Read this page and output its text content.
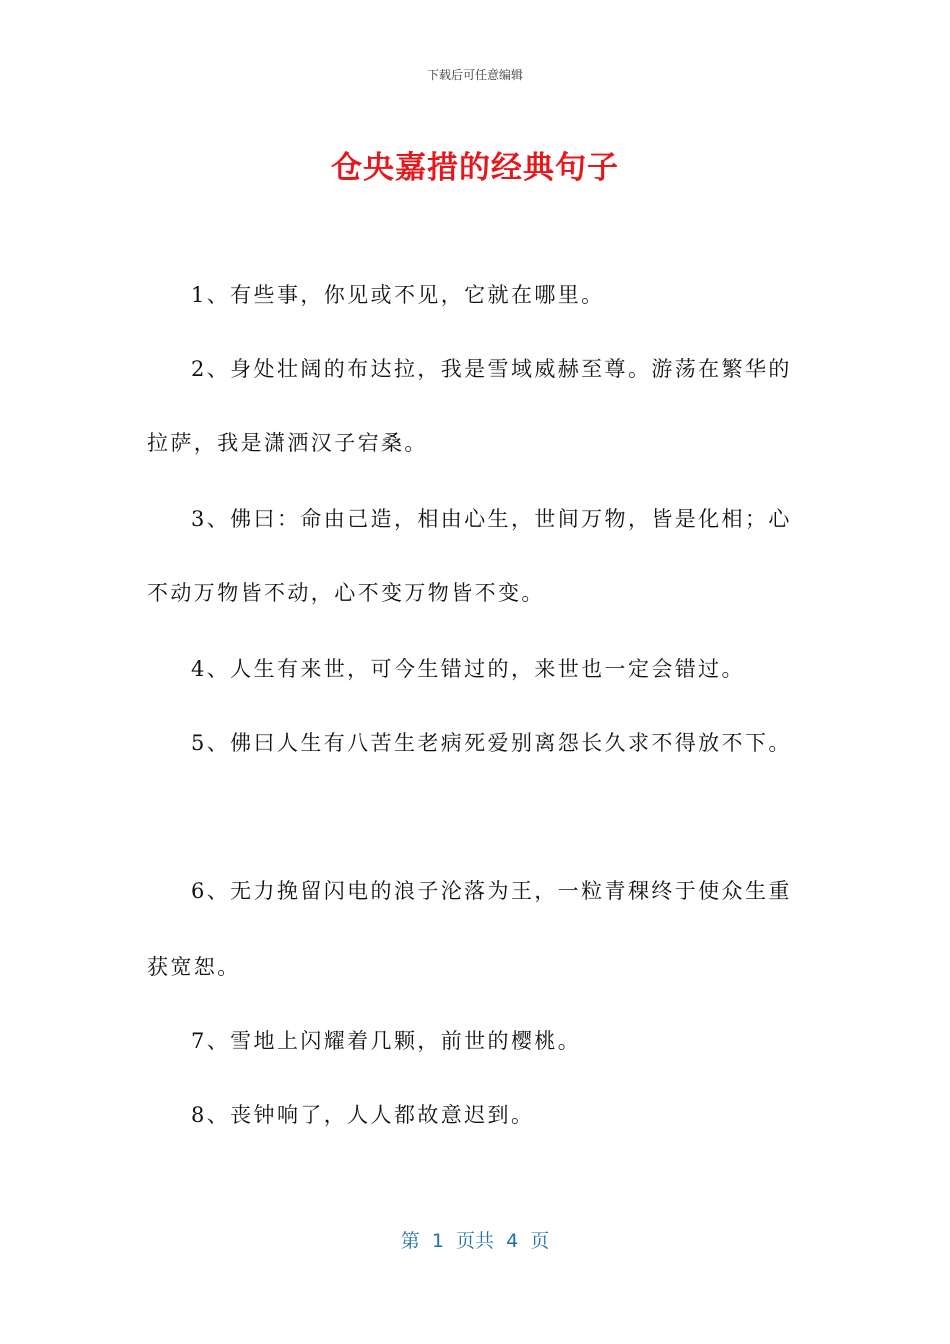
下载后可任意编辑
仓央嘉措的经典句子
1、有些事，你见或不见，它就在哪里。
2、身处壮阔的布达拉，我是雪域威赫至尊。游荡在繁华的
拉萨，我是潇洒汉子宕桑。
3、佛曰：命由己造，相由心生，世间万物，皆是化相；心
不动万物皆不动，心不变万物皆不变。
4、人生有来世，可今生错过的，来世也一定会错过。
5、佛曰人生有八苦生老病死爱别离怨长久求不得放不下。
6、无力挽留闪电的浪子沦落为王，一粒青稞终于使众生重
获宽恕。
7、雪地上闪耀着几颗，前世的樱桃。
8、丧钟响了，人人都故意迟到。
第  1  页共  4  页
